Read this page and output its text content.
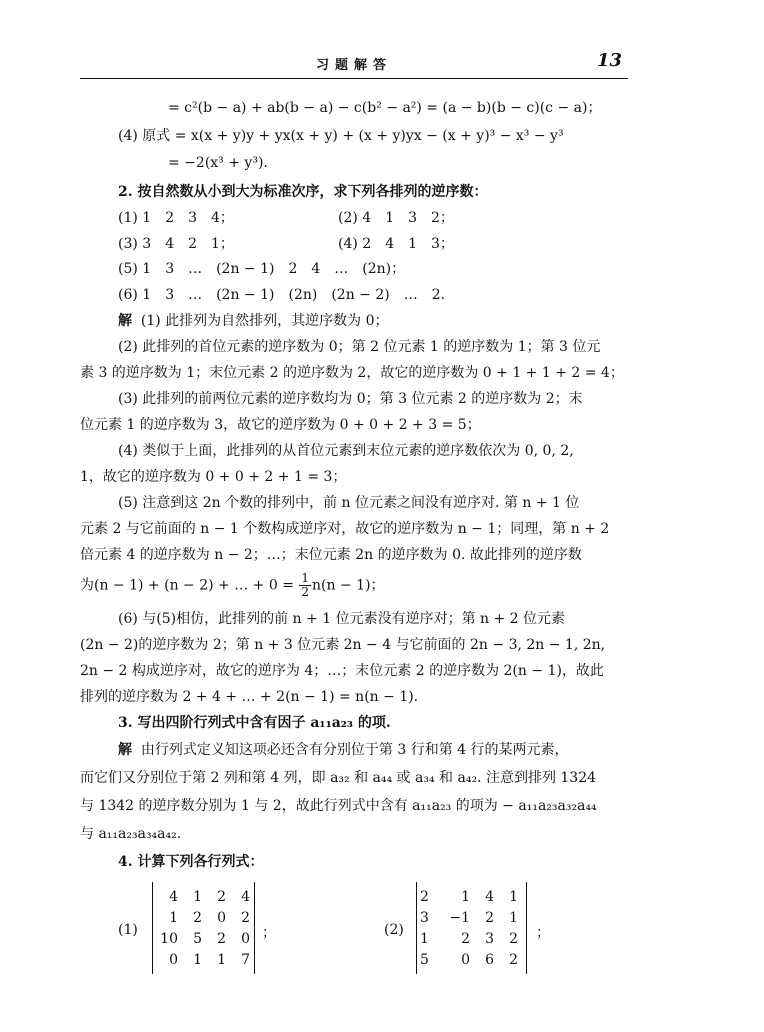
习题解答	13
= c²(b − a) + ab(b − a) − c(b² − a²) = (a − b)(b − c)(c − a)；
(4) 原式 = x(x + y)y + yx(x + y) + (x + y)yx − (x + y)³ − x³ − y³
= −2(x³ + y³).
2. 按自然数从小到大为标准次序，求下列各排列的逆序数：
(1) 1　2　3　4；	(2) 4　1　3　2；
(3) 3　4　2　1；	(4) 2　4　1　3；
(5) 1　3　…　(2n − 1)　2　4　…　(2n)；
(6) 1　3　…　(2n − 1)　(2n)　(2n − 2)　…　2.
解 (1) 此排列为自然排列，其逆序数为 0；
(2) 此排列的首位元素的逆序数为 0；第 2 位元素 1 的逆序数为 1；第 3 位元
素 3 的逆序数为 1；末位元素 2 的逆序数为 2，故它的逆序数为 0 + 1 + 1 + 2 = 4；
(3) 此排列的前两位元素的逆序数均为 0；第 3 位元素 2 的逆序数为 2；末
位元素 1 的逆序数为 3，故它的逆序数为 0 + 0 + 2 + 3 = 5；
(4) 类似于上面，此排列的从首位元素到末位元素的逆序数依次为 0, 0, 2,
1，故它的逆序数为 0 + 0 + 2 + 1 = 3；
(5) 注意到这 2n 个数的排列中，前 n 位元素之间没有逆序对. 第 n + 1 位
元素 2 与它前面的 n − 1 个数构成逆序对，故它的逆序数为 n − 1；同理，第 n + 2
倍元素 4 的逆序数为 n − 2；…；末位元素 2n 的逆序数为 0. 故此排列的逆序数
为(n − 1) + (n − 2) + … + $0 = \frac{1}{2} n(n - 1)$；
(6) 与(5)相仿，此排列的前 n + 1 位元素没有逆序对；第 n + 2 位元素
(2n − 2)的逆序数为 2；第 n + 3 位元素 2n − 4 与它前面的 2n − 3, 2n − 1, 2n,
2n − 2 构成逆序对，故它的逆序为 4；…；末位元素 2 的逆序数为 2(n − 1)，故此
排列的逆序数为 2 + 4 + … + 2(n − 1) = n(n − 1).
3. 写出四阶行列式中含有因子 a₁₁a₂₃ 的项.
解 由行列式定义知这项必还含有分别位于第 3 行和第 4 行的某两元素，
而它们又分别位于第 2 列和第 4 列，即 a₃₂ 和 a₄₄ 或 a₃₄ 和 a₄₂. 注意到排列 1324
与 1342 的逆序数分别为 1 与 2，故此行列式中含有 a₁₁a₂₃ 的项为 − a₁₁a₂₃a₃₂a₄₄
与 a₁₁a₂₃a₃₄a₄₂.
4. 计算下列各行列式：
(1)
4	1	2	4
1	2	0	2
10	5	2	0
0	1	1	7
；	(2)
2	1	4	1
3	−1	2	1
1	2	3	2
5	0	6	2
；
